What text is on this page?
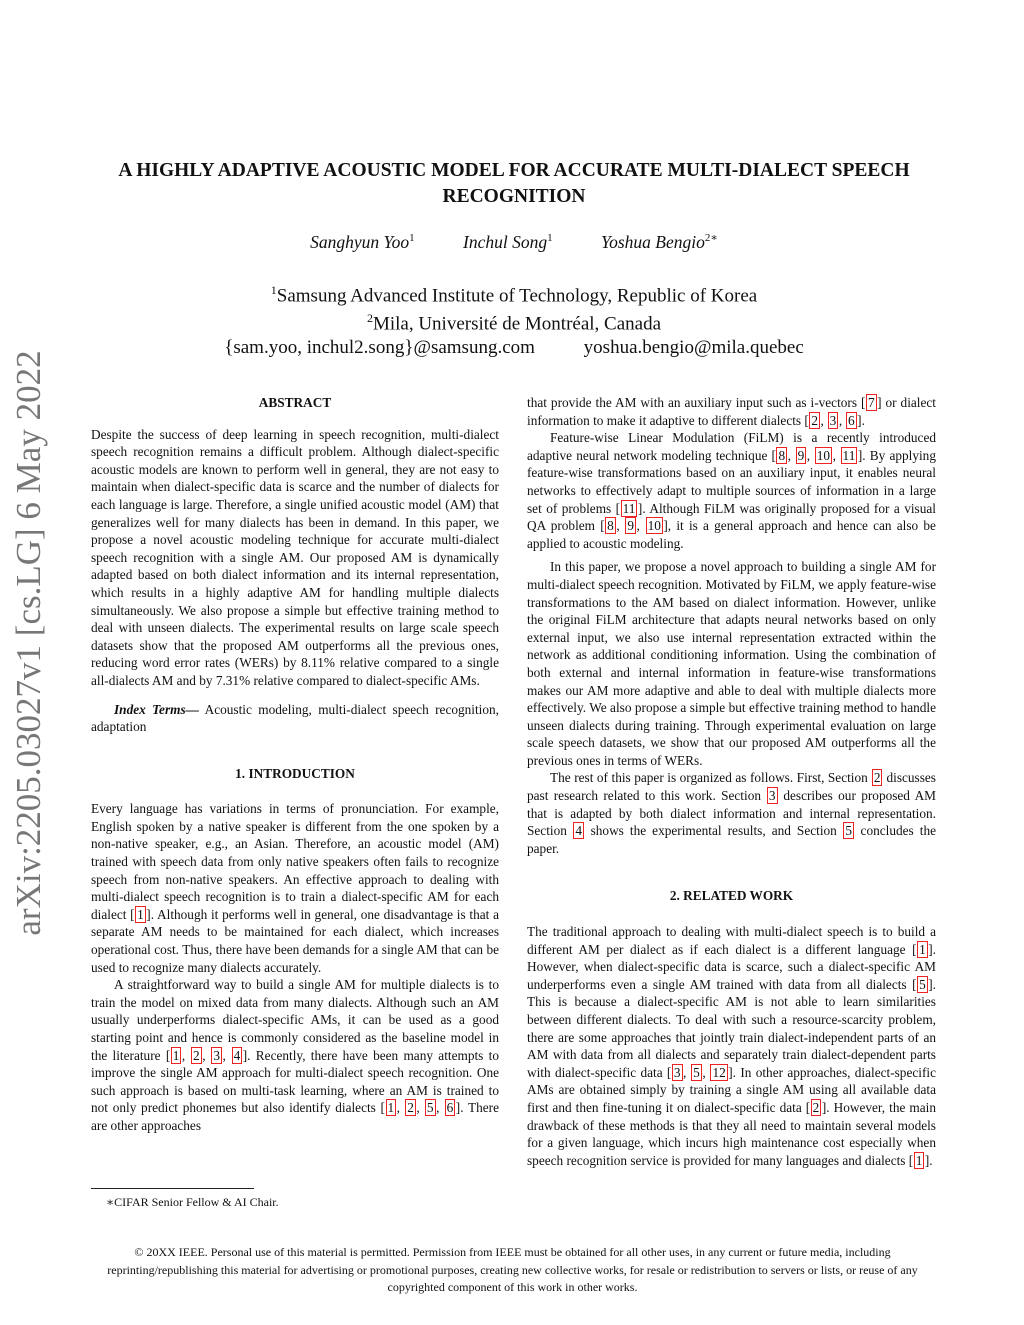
arXiv:2205.03027v1 [cs.LG] 6 May 2022
A HIGHLY ADAPTIVE ACOUSTIC MODEL FOR ACCURATE MULTI-DIALECT SPEECH
RECOGNITION
Sanghyun Yoo$^1$	Inchul Song$^1$	Yoshua Bengio$^{2∗}$
$^1$Samsung Advanced Institute of Technology, Republic of Korea
$^2$Mila, Université de Montréal, Canada
{sam.yoo, inchul2.song}@samsung.com	yoshua.bengio@mila.quebec
ABSTRACT

Despite the success of deep learning in speech recognition, multi-dialect speech recognition remains a difficult problem. Although dialect-specific acoustic models are known to perform well in general, they are not easy to maintain when dialect-specific data is scarce and the number of dialects for each language is large. Therefore, a single unified acoustic model (AM) that generalizes well for many dialects has been in demand. In this paper, we propose a novel acoustic modeling technique for accurate multi-dialect speech recognition with a single AM. Our proposed AM is dynamically adapted based on both dialect information and its internal representation, which results in a highly adaptive AM for handling multiple dialects simultaneously. We also propose a simple but effective training method to deal with unseen dialects. The experimental results on large scale speech datasets show that the proposed AM outperforms all the previous ones, reducing word error rates (WERs) by 8.11% relative compared to a single all-dialects AM and by 7.31% relative compared to dialect-specific AMs.

Index Terms— Acoustic modeling, multi-dialect speech recognition, adaptation

1. INTRODUCTION

Every language has variations in terms of pronunciation. For example, English spoken by a native speaker is different from the one spoken by a non-native speaker, e.g., an Asian. Therefore, an acoustic model (AM) trained with speech data from only native speakers often fails to recognize speech from non-native speakers. An effective approach to dealing with multi-dialect speech recognition is to train a dialect-specific AM for each dialect [ 1 ]. Although it performs well in general, one disadvantage is that a separate AM needs to be maintained for each dialect, which increases operational cost. Thus, there have been demands for a single AM that can be used to recognize many dialects accurately.

A straightforward way to build a single AM for multiple dialects is to train the model on mixed data from many dialects. Although such an AM usually underperforms dialect-specific AMs, it can be used as a good starting point and hence is commonly considered as the baseline model in the literature [ 1 , 2 , 3 , 4 ]. Recently, there have been many attempts to improve the single AM approach for multi-dialect speech recognition. One such approach is based on multi-task learning, where an AM is trained to not only predict phonemes but also identify dialects [ 1 , 2 , 5 , 6 ]. There are other approaches

∗CIFAR Senior Fellow & AI Chair.

that provide the AM with an auxiliary input such as i-vectors [ 7 ] or dialect information to make it adaptive to different dialects [ 2 , 3 , 6 ].

Feature-wise Linear Modulation (FiLM) is a recently introduced adaptive neural network modeling technique [ 8 , 9 , 10 , 11 ]. By applying feature-wise transformations based on an auxiliary input, it enables neural networks to effectively adapt to multiple sources of information in a large set of problems [ 11 ]. Although FiLM was originally proposed for a visual QA problem [ 8 , 9 , 10 ], it is a general approach and hence can also be applied to acoustic modeling.

In this paper, we propose a novel approach to building a single AM for multi-dialect speech recognition. Motivated by FiLM, we apply feature-wise transformations to the AM based on dialect information. However, unlike the original FiLM architecture that adapts neural networks based on only external input, we also use internal representation extracted within the network as additional conditioning information. Using the combination of both external and internal information in feature-wise transformations makes our AM more adaptive and able to deal with multiple dialects more effectively. We also propose a simple but effective training method to handle unseen dialects during training. Through experimental evaluation on large scale speech datasets, we show that our proposed AM outperforms all the previous ones in terms of WERs.

The rest of this paper is organized as follows. First, Section 2 discusses past research related to this work. Section 3 describes our proposed AM that is adapted by both dialect information and internal representation. Section 4 shows the experimental results, and Section 5 concludes the paper.

2. RELATED WORK

The traditional approach to dealing with multi-dialect speech is to build a different AM per dialect as if each dialect is a different language [ 1 ]. However, when dialect-specific data is scarce, such a dialect-specific AM underperforms even a single AM trained with data from all dialects [ 5 ]. This is because a dialect-specific AM is not able to learn similarities between different dialects. To deal with such a resource-scarcity problem, there are some approaches that jointly train dialect-independent parts of an AM with data from all dialects and separately train dialect-dependent parts with dialect-specific data [ 3 , 5 , 12 ]. In other approaches, dialect-specific AMs are obtained simply by training a single AM using all available data first and then fine-tuning it on dialect-specific data [ 2 ]. However, the main drawback of these methods is that they all need to maintain several models for a given language, which incurs high maintenance cost especially when speech recognition service is provided for many languages and dialects [ 1 ].

© 20XX IEEE. Personal use of this material is permitted. Permission from IEEE must be obtained for all other uses, in any current or future media, including reprinting/republishing this material for advertising or promotional purposes, creating new collective works, for resale or redistribution to servers or lists, or reuse of any copyrighted component of this work in other works.
